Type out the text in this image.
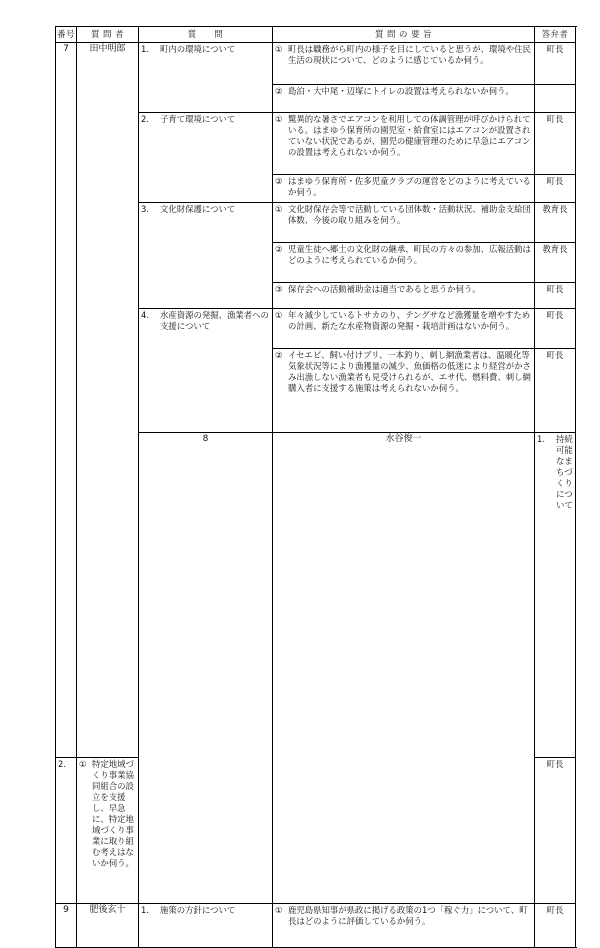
番号	質 問 者	質　　問	質 問 の 要 旨	答弁者	
7	田中明郎	1. 町内の環境について	① 町長は職務がら町内の様子を目にしていると思うが、環境や住民生活の現状について、どのように感じているか伺う。	町長	

			② 島泊・大中尾・辺塚にトイレの設置は考えられないか伺う。		

		2. 子育て環境について	① 驚異的な暑さでエアコンを利用しての体調管理が呼びかけられている。はまゆう保育所の園児室・給食室にはエアコンが設置されていない状況であるが、園児の健康管理のために早急にエアコンの設置は考えられないか伺う。	町長	

			② はまゆう保育所・佐多児童クラブの運営をどのように考えているか伺う。	町長	

		3. 文化財保護について	① 文化財保存会等で活動している団体数・活動状況、補助金支給団体数、今後の取り組みを伺う。	教育長	

			② 児童生徒へ郷土の文化財の継承、町民の方々の参加、広報活動はどのように考えられているか伺う。	教育長	

			③ 保存会への活動補助金は適当であると思うか伺う。	町長	

		4. 水産資源の発掘、漁業者への支援について	① 年々減少しているトサカのり、テングサなど漁獲量を増やすための計画、新たな水産物資源の発掘・栽培計画はないか伺う。	町長	

			② イセエビ、飼い付けブリ、一本釣り、刺し網漁業者は、温暖化等気象状況等により漁獲量の減少、魚価格の低迷により経営がかさみ出漁しない漁業者も見受けられるが、エサ代、燃料費、刺し網購入者に支援する施策は考えられないか伺う。	町長	
		8	水谷俊一	1. 持続可能なまちづくりについて

2.	① 特定地域づくり事業協同組合の設立を支援し、早急に、特定地域づくり事業に取り組む考えはないか伺う。			町長	
9	肥後玄十	1. 施策の方針について	① 鹿児島県知事が県政に掲げる政策の1つ「稼ぐ力」について、町長はどのように評価しているか伺う。	町長	
